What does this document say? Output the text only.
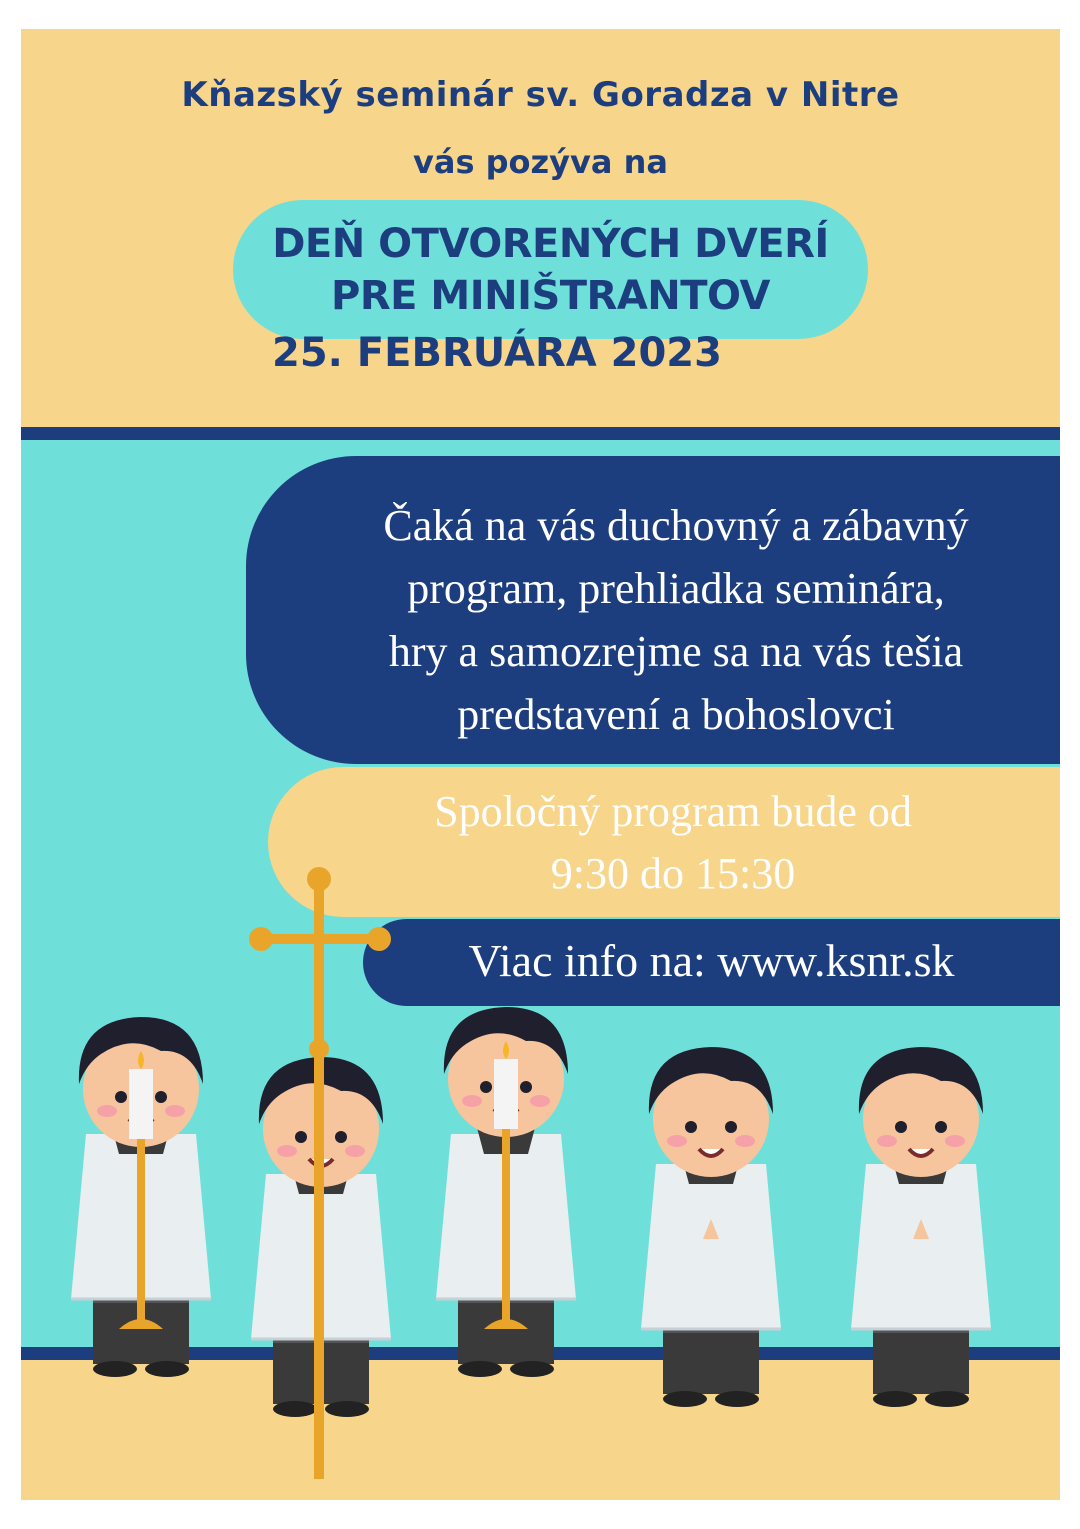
Kňazský seminár sv. Goradza v Nitre
vás pozýva na
DEŇ OTVORENÝCH DVERÍ
PRE MINIŠTRANTOV
Čaká na vás duchovný a zábavný
program, prehliadka seminára,
hry a samozrejme sa na vás tešia
predstavení a bohoslovci
Spoločný program bude od
9:30 do 15:30
Viac info na: www.ksnr.sk
25. FEBRUÁRA 2023
